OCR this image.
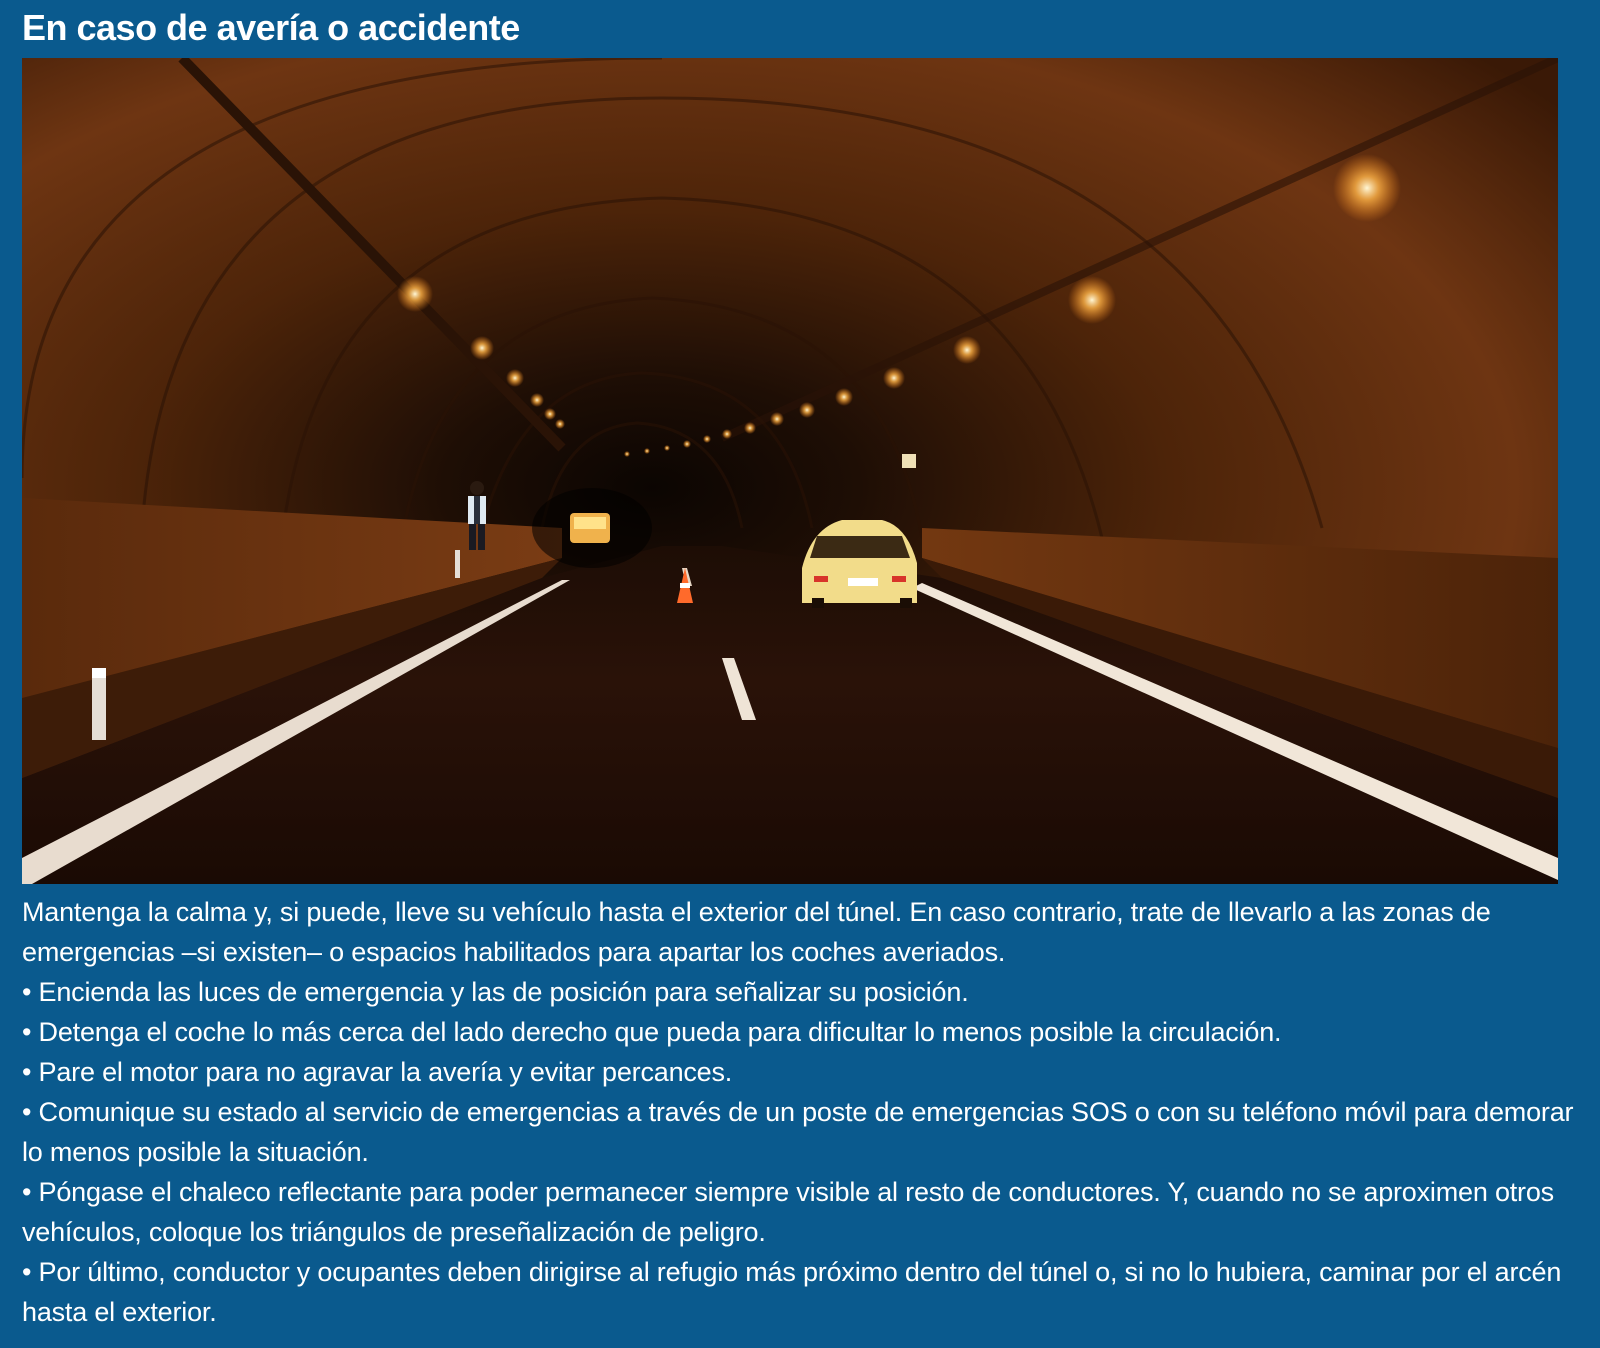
En caso de avería o accidente

Mantenga la calma y, si puede, lleve su vehículo hasta el exterior del túnel. En caso contrario, trate de llevarlo a las zonas de emergencias –si existen– o espacios habilitados para apartar los coches averiados.

• Encienda las luces de emergencia y las de posición para señalizar su posición.

• Detenga el coche lo más cerca del lado derecho que pueda para dificultar lo menos posible la circulación.

• Pare el motor para no agravar la avería y evitar percances.

• Comunique su estado al servicio de emergencias a través de un poste de emergencias SOS o con su teléfono móvil para demorar lo menos posible la situación.

• Póngase el chaleco reflectante para poder permanecer siempre visible al resto de conductores. Y, cuando no se aproximen otros vehículos, coloque los triángulos de preseñalización de peligro.

• Por último, conductor y ocupantes deben dirigirse al refugio más próximo dentro del túnel o, si no lo hubiera, caminar por el arcén hasta el exterior.
